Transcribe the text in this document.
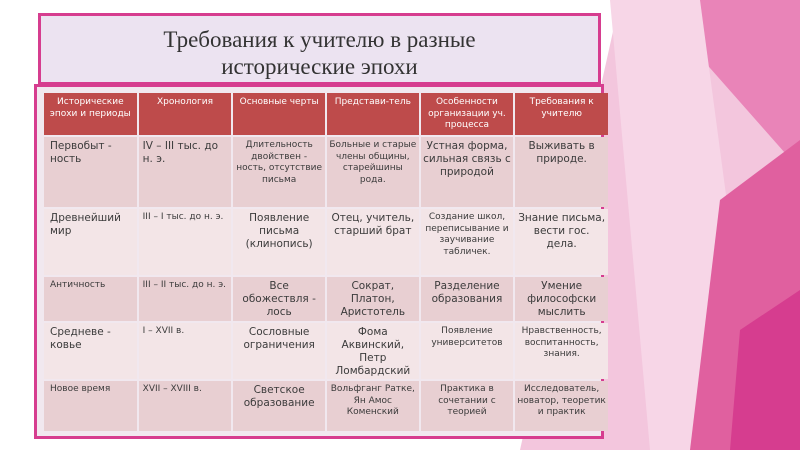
Требования к учителю в разные
исторические эпохи
Исторические эпохи и периоды	Хронология	Основные черты	Представи-тель	Особенности организации уч. процесса	Требования к учителю
Первобыт - ность	IV – III тыс. до н. э.	Длительность двойствен - ность, отсутствие письма	Больные и старые члены общины, старейшины рода.	Устная форма, сильная связь с природой	Выживать в природе.
Древнейший мир	III – I тыс. до н. э.	Появление письма (клинопись)	Отец, учитель, старший брат	Создание школ, переписывание и заучивание табличек.	Знание письма, вести гос. дела.
Античность	III – II тыс. до н. э.	Все обожествля - лось	Сократ, Платон, Аристотель	Разделение образования	Умение философски мыслить
Средневе - ковье	I – XVII в.	Сословные ограничения	Фома Аквинский, Петр Ломбардский	Появление университетов	Нравственность, воспитанность, знания.
Новое время	XVII – XVIII в.	Светское образование	Вольфганг Ратке, Ян Амос Коменский	Практика в сочетании с теорией	Исследователь, новатор, теоретик и практик
